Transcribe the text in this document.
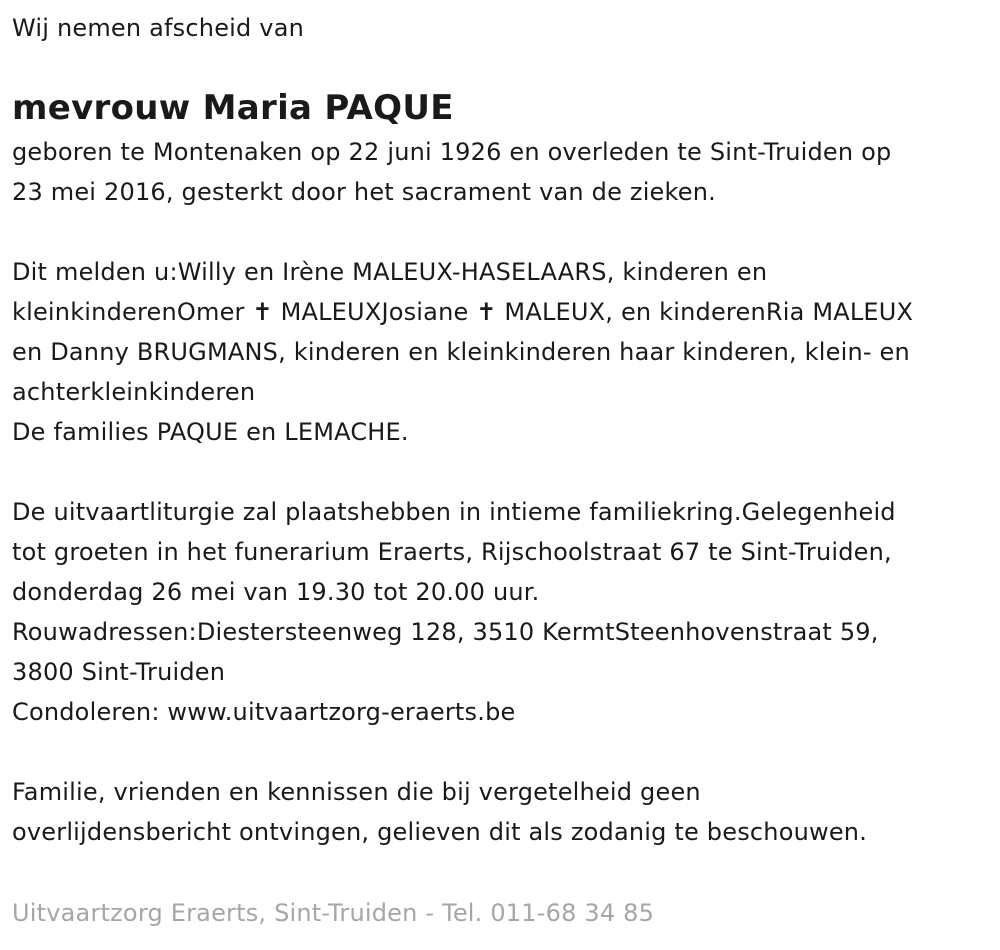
Wij nemen afscheid van
mevrouw Maria PAQUE
geboren te Montenaken op 22 juni 1926 en overleden te Sint-Truiden op
23 mei 2016, gesterkt door het sacrament van de zieken.
Dit melden u:Willy en Irène MALEUX-HASELAARS, kinderen en
kleinkinderenOmer ✝ MALEUXJosiane ✝ MALEUX, en kinderenRia MALEUX
en Danny BRUGMANS, kinderen en kleinkinderen haar kinderen, klein- en
achterkleinkinderen
De families PAQUE en LEMACHE.
De uitvaartliturgie zal plaatshebben in intieme familiekring.Gelegenheid
tot groeten in het funerarium Eraerts, Rijschoolstraat 67 te Sint-Truiden,
donderdag 26 mei van 19.30 tot 20.00 uur.
Rouwadressen:Diestersteenweg 128, 3510 KermtSteenhovenstraat 59,
3800 Sint-Truiden
Condoleren: www.uitvaartzorg-eraerts.be
Familie, vrienden en kennissen die bij vergetelheid geen
overlijdensbericht ontvingen, gelieven dit als zodanig te beschouwen.
Uitvaartzorg Eraerts, Sint-Truiden - Tel. 011-68 34 85
